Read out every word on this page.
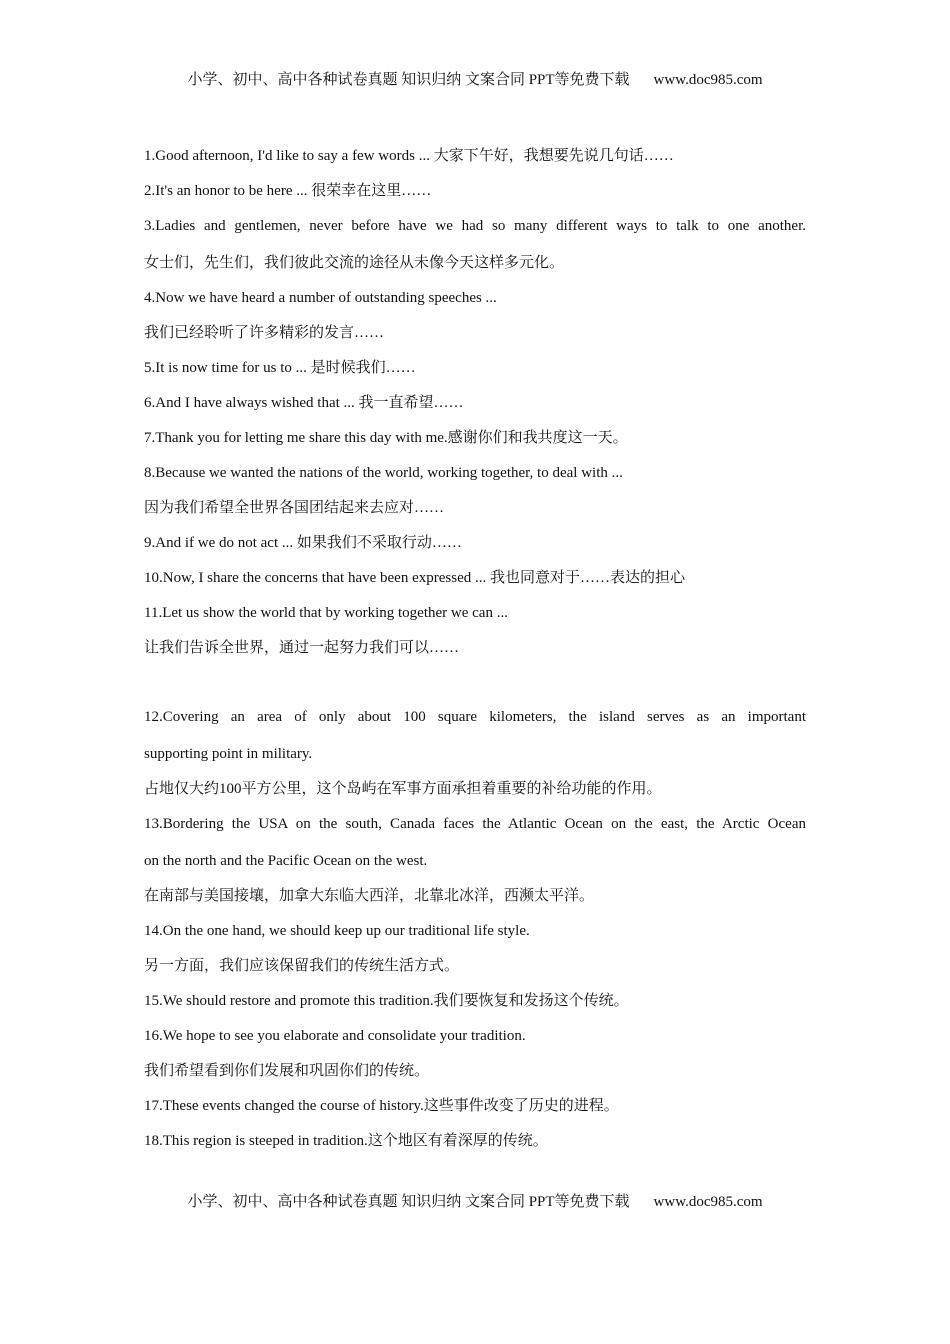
小学、初中、高中各种试卷真题 知识归纳 文案合同 PPT等免费下载 www.doc985.com
1.Good afternoon, I'd like to say a few words ... 大家下午好，我想要先说几句话……
2.It's an honor to be here ... 很荣幸在这里……
3.Ladies and gentlemen, never before have we had so many different ways to talk to one another.
女士们，先生们，我们彼此交流的途径从未像今天这样多元化。
4.Now we have heard a number of outstanding speeches ...
我们已经聆听了许多精彩的发言……
5.It is now time for us to ... 是时候我们……
6.And I have always wished that ... 我一直希望……
7.Thank you for letting me share this day with me.感谢你们和我共度这一天。
8.Because we wanted the nations of the world, working together, to deal with ...
因为我们希望全世界各国团结起来去应对……
9.And if we do not act ... 如果我们不采取行动……
10.Now, I share the concerns that have been expressed ... 我也同意对于……表达的担心
11.Let us show the world that by working together we can ...
让我们告诉全世界，通过一起努力我们可以……
12.Covering an area of only about 100 square kilometers, the island serves as an important
supporting point in military.
占地仅大约100平方公里，这个岛屿在军事方面承担着重要的补给功能的作用。
13.Bordering the USA on the south, Canada faces the Atlantic Ocean on the east, the Arctic Ocean
on the north and the Pacific Ocean on the west.
在南部与美国接壤，加拿大东临大西洋，北靠北冰洋，西濒太平洋。
14.On the one hand, we should keep up our traditional life style.
另一方面，我们应该保留我们的传统生活方式。
15.We should restore and promote this tradition.我们要恢复和发扬这个传统。
16.We hope to see you elaborate and consolidate your tradition.
我们希望看到你们发展和巩固你们的传统。
17.These events changed the course of history.这些事件改变了历史的进程。
18.This region is steeped in tradition.这个地区有着深厚的传统。
小学、初中、高中各种试卷真题 知识归纳 文案合同 PPT等免费下载 www.doc985.com
